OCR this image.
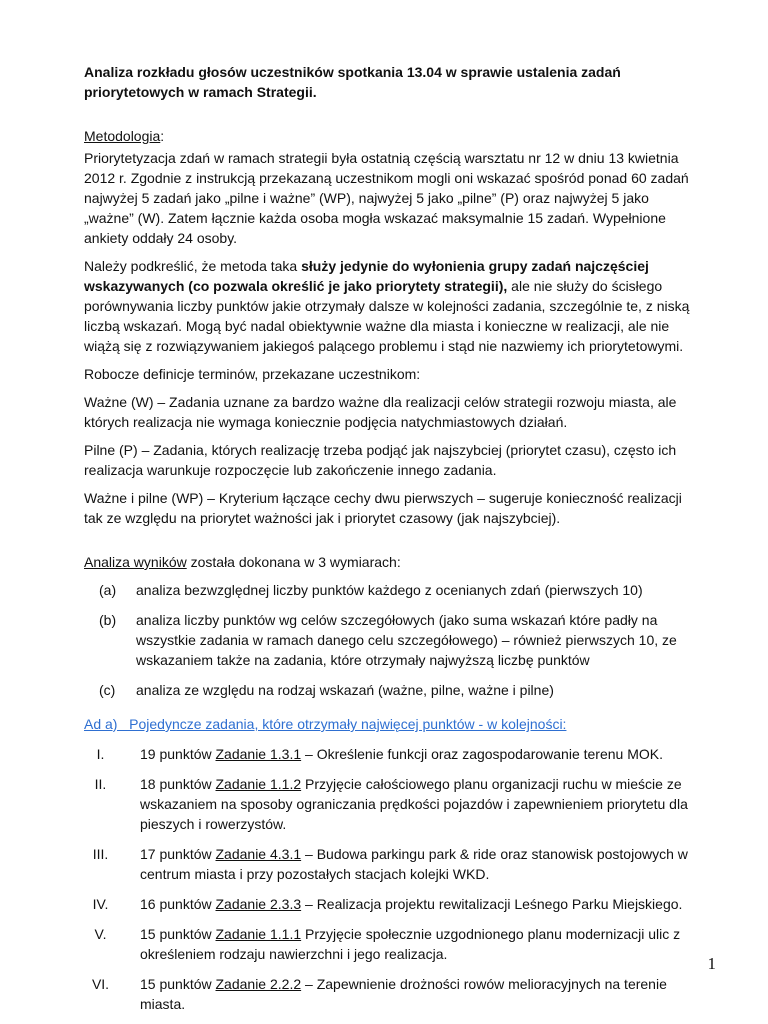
Analiza rozkładu głosów uczestników spotkania 13.04 w sprawie ustalenia zadań priorytetowych w ramach Strategii.

Metodologia:

Priorytetyzacja zdań w ramach strategii była ostatnią częścią warsztatu nr 12 w dniu 13 kwietnia 2012 r. Zgodnie z instrukcją przekazaną uczestnikom mogli oni wskazać spośród ponad 60 zadań najwyżej 5 zadań jako „pilne i ważne” (WP), najwyżej 5 jako „pilne” (P) oraz najwyżej 5 jako „ważne” (W). Zatem łącznie każda osoba mogła wskazać maksymalnie 15 zadań. Wypełnione ankiety oddały 24 osoby.

Należy podkreślić, że metoda taka służy jedynie do wyłonienia grupy zadań najczęściej wskazywanych (co pozwala określić je jako priorytety strategii), ale nie służy do ścisłego porównywania liczby punktów jakie otrzymały dalsze w kolejności zadania, szczególnie te, z niską liczbą wskazań. Mogą być nadal obiektywnie ważne dla miasta i konieczne w realizacji, ale nie wiążą się z rozwiązywaniem jakiegoś palącego problemu i stąd nie nazwiemy ich priorytetowymi.

Robocze definicje terminów, przekazane uczestnikom:

Ważne (W) – Zadania uznane za bardzo ważne dla realizacji celów strategii rozwoju miasta, ale których realizacja nie wymaga koniecznie podjęcia natychmiastowych działań.

Pilne (P) – Zadania, których realizację trzeba podjąć jak najszybciej (priorytet czasu), często ich realizacja warunkuje rozpoczęcie lub zakończenie innego zadania.

Ważne i pilne (WP) – Kryterium łączące cechy dwu pierwszych – sugeruje konieczność realizacji tak ze względu na priorytet ważności jak i priorytet czasowy (jak najszybciej).

Analiza wyników została dokonana w 3 wymiarach:
(a) analiza bezwzględnej liczby punktów każdego z ocenianych zdań (pierwszych 10)
(b) analiza liczby punktów wg celów szczegółowych (jako suma wskazań które padły na wszystkie zadania w ramach danego celu szczegółowego) – również pierwszych 10, ze wskazaniem także na zadania, które otrzymały najwyższą liczbę punktów
(c) analiza ze względu na rodzaj wskazań (ważne, pilne, ważne i pilne)
Ad a)   Pojedyncze zadania, które otrzymały najwięcej punktów - w kolejności:
I.	19 punktów Zadanie 1.3.1 – Określenie funkcji oraz zagospodarowanie terenu MOK.
II.	18 punktów Zadanie 1.1.2 Przyjęcie całościowego planu organizacji ruchu w mieście ze wskazaniem na sposoby ograniczania prędkości pojazdów i zapewnieniem priorytetu dla pieszych i rowerzystów.
III.	17 punktów Zadanie 4.3.1 – Budowa parkingu park & ride oraz stanowisk postojowych w centrum miasta i przy pozostałych stacjach kolejki WKD.
IV.	16 punktów Zadanie 2.3.3 – Realizacja projektu rewitalizacji Leśnego Parku Miejskiego.
V.	15 punktów Zadanie 1.1.1 Przyjęcie społecznie uzgodnionego planu modernizacji ulic z określeniem rodzaju nawierzchni i jego realizacja.
VI.	15 punktów Zadanie 2.2.2 – Zapewnienie drożności rowów melioracyjnych na terenie miasta.
1
